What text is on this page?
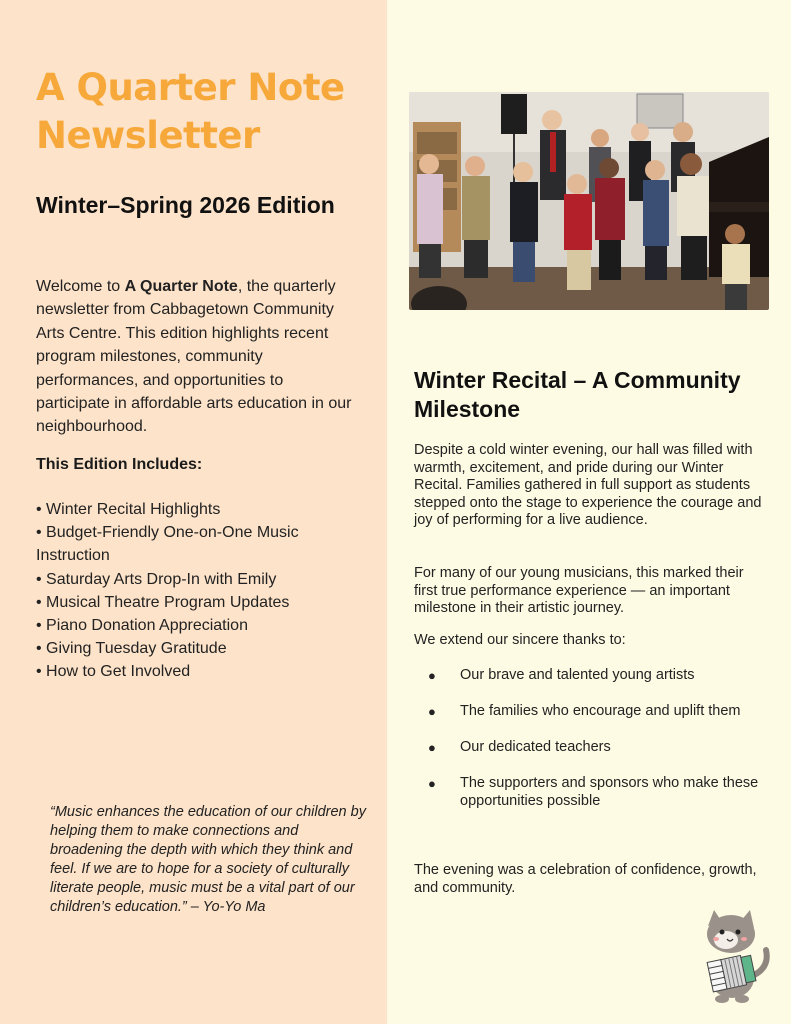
A Quarter Note Newsletter
Winter–Spring 2026 Edition

Welcome to A Quarter Note, the quarterly newsletter from Cabbagetown Community Arts Centre. This edition highlights recent program milestones, community performances, and opportunities to participate in affordable arts education in our neighbourhood.

This Edition Includes:

• Winter Recital Highlights
• Budget-Friendly One-on-One Music Instruction
• Saturday Arts Drop-In with Emily
• Musical Theatre Program Updates
• Piano Donation Appreciation
• Giving Tuesday Gratitude
• How to Get Involved

“Music enhances the education of our children by helping them to make connections and broadening the depth with which they think and feel. If we are to hope for a society of culturally literate people, music must be a vital part of our children’s education.” – Yo-Yo Ma

Winter Recital – A Community Milestone

Despite a cold winter evening, our hall was filled with warmth, excitement, and pride during our Winter Recital. Families gathered in full support as students stepped onto the stage to experience the courage and joy of performing for a live audience.

For many of our young musicians, this marked their first true performance experience — an important milestone in their artistic journey.

We extend our sincere thanks to:

● Our brave and talented young artists
● The families who encourage and uplift them
● Our dedicated teachers
● The supporters and sponsors who make these opportunities possible

The evening was a celebration of confidence, growth, and community.
